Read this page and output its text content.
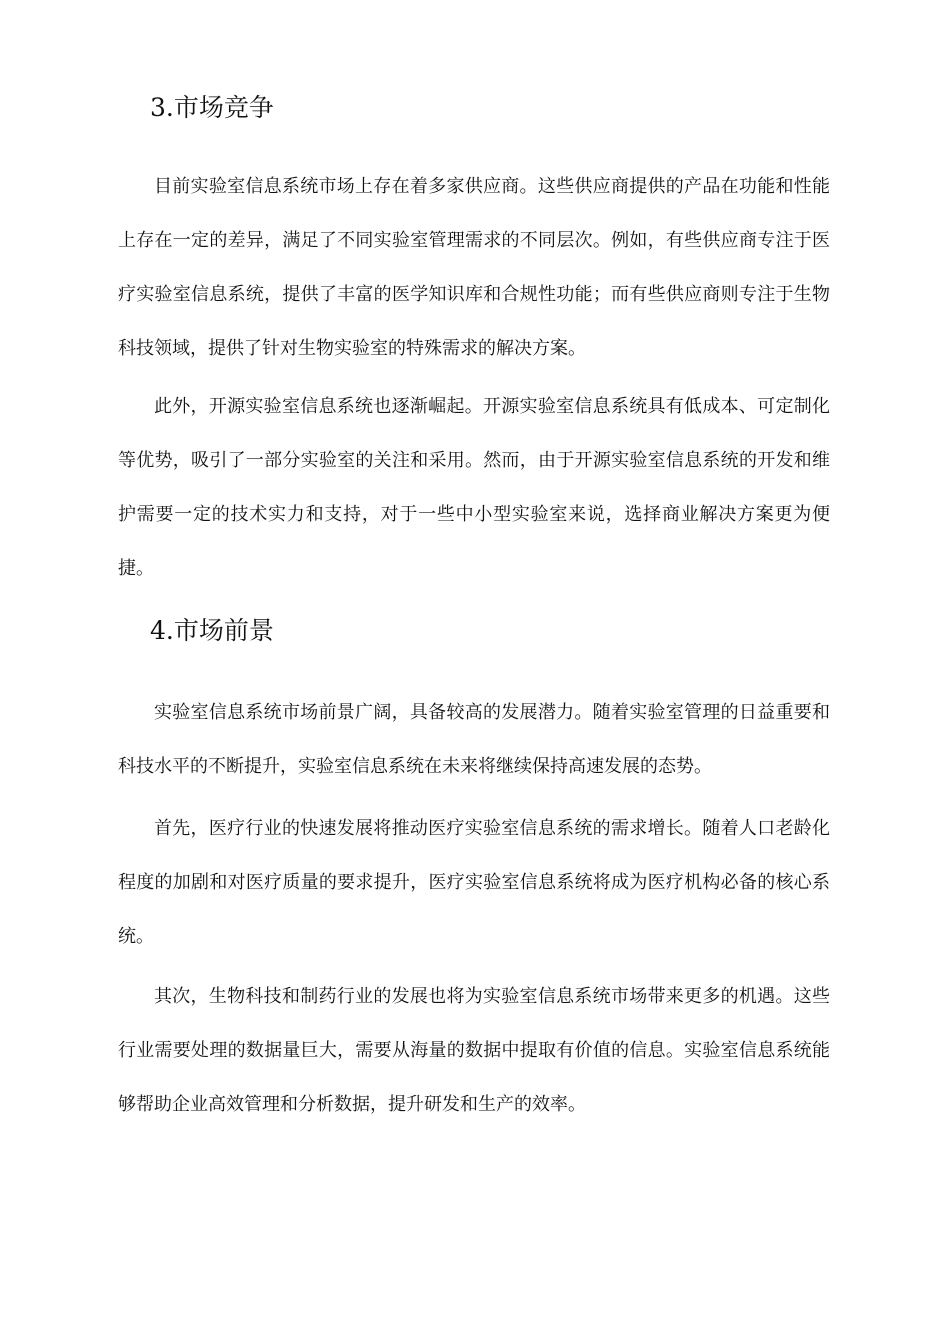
3.市场竞争

目前实验室信息系统市场上存在着多家供应商。这些供应商提供的产品在功能和性能上存在一定的差异，满足了不同实验室管理需求的不同层次。例如，有些供应商专注于医疗实验室信息系统，提供了丰富的医学知识库和合规性功能；而有些供应商则专注于生物科技领域，提供了针对生物实验室的特殊需求的解决方案。

此外，开源实验室信息系统也逐渐崛起。开源实验室信息系统具有低成本、可定制化等优势，吸引了一部分实验室的关注和采用。然而，由于开源实验室信息系统的开发和维护需要一定的技术实力和支持，对于一些中小型实验室来说，选择商业解决方案更为便捷。

4.市场前景

实验室信息系统市场前景广阔，具备较高的发展潜力。随着实验室管理的日益重要和科技水平的不断提升，实验室信息系统在未来将继续保持高速发展的态势。

首先，医疗行业的快速发展将推动医疗实验室信息系统的需求增长。随着人口老龄化程度的加剧和对医疗质量的要求提升，医疗实验室信息系统将成为医疗机构必备的核心系统。

其次，生物科技和制药行业的发展也将为实验室信息系统市场带来更多的机遇。这些行业需要处理的数据量巨大，需要从海量的数据中提取有价值的信息。实验室信息系统能够帮助企业高效管理和分析数据，提升研发和生产的效率。
